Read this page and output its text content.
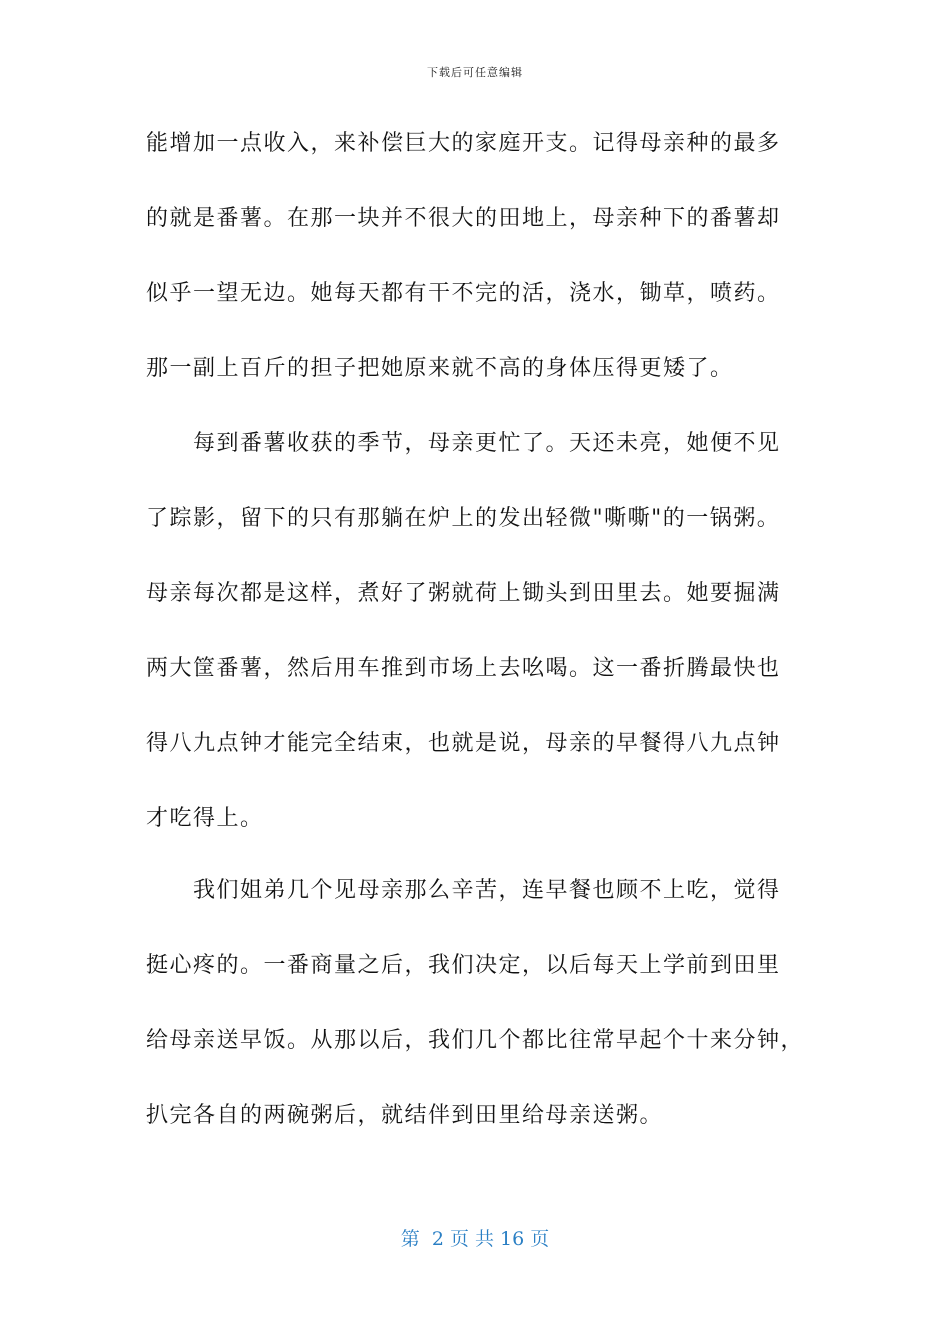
下载后可任意编辑
能增加一点收入，来补偿巨大的家庭开支。记得母亲种的最多
的就是番薯。在那一块并不很大的田地上，母亲种下的番薯却
似乎一望无边。她每天都有干不完的活，浇水，锄草，喷药。
那一副上百斤的担子把她原来就不高的身体压得更矮了。
每到番薯收获的季节，母亲更忙了。天还未亮，她便不见
了踪影，留下的只有那躺在炉上的发出轻微"嘶嘶"的一锅粥。
母亲每次都是这样，煮好了粥就荷上锄头到田里去。她要掘满
两大筐番薯，然后用车推到市场上去吆喝。这一番折腾最快也
得八九点钟才能完全结束，也就是说，母亲的早餐得八九点钟
才吃得上。
我们姐弟几个见母亲那么辛苦，连早餐也顾不上吃，觉得
挺心疼的。一番商量之后，我们决定，以后每天上学前到田里
给母亲送早饭。从那以后，我们几个都比往常早起个十来分钟，
扒完各自的两碗粥后，就结伴到田里给母亲送粥。
第  2 页 共 16 页
